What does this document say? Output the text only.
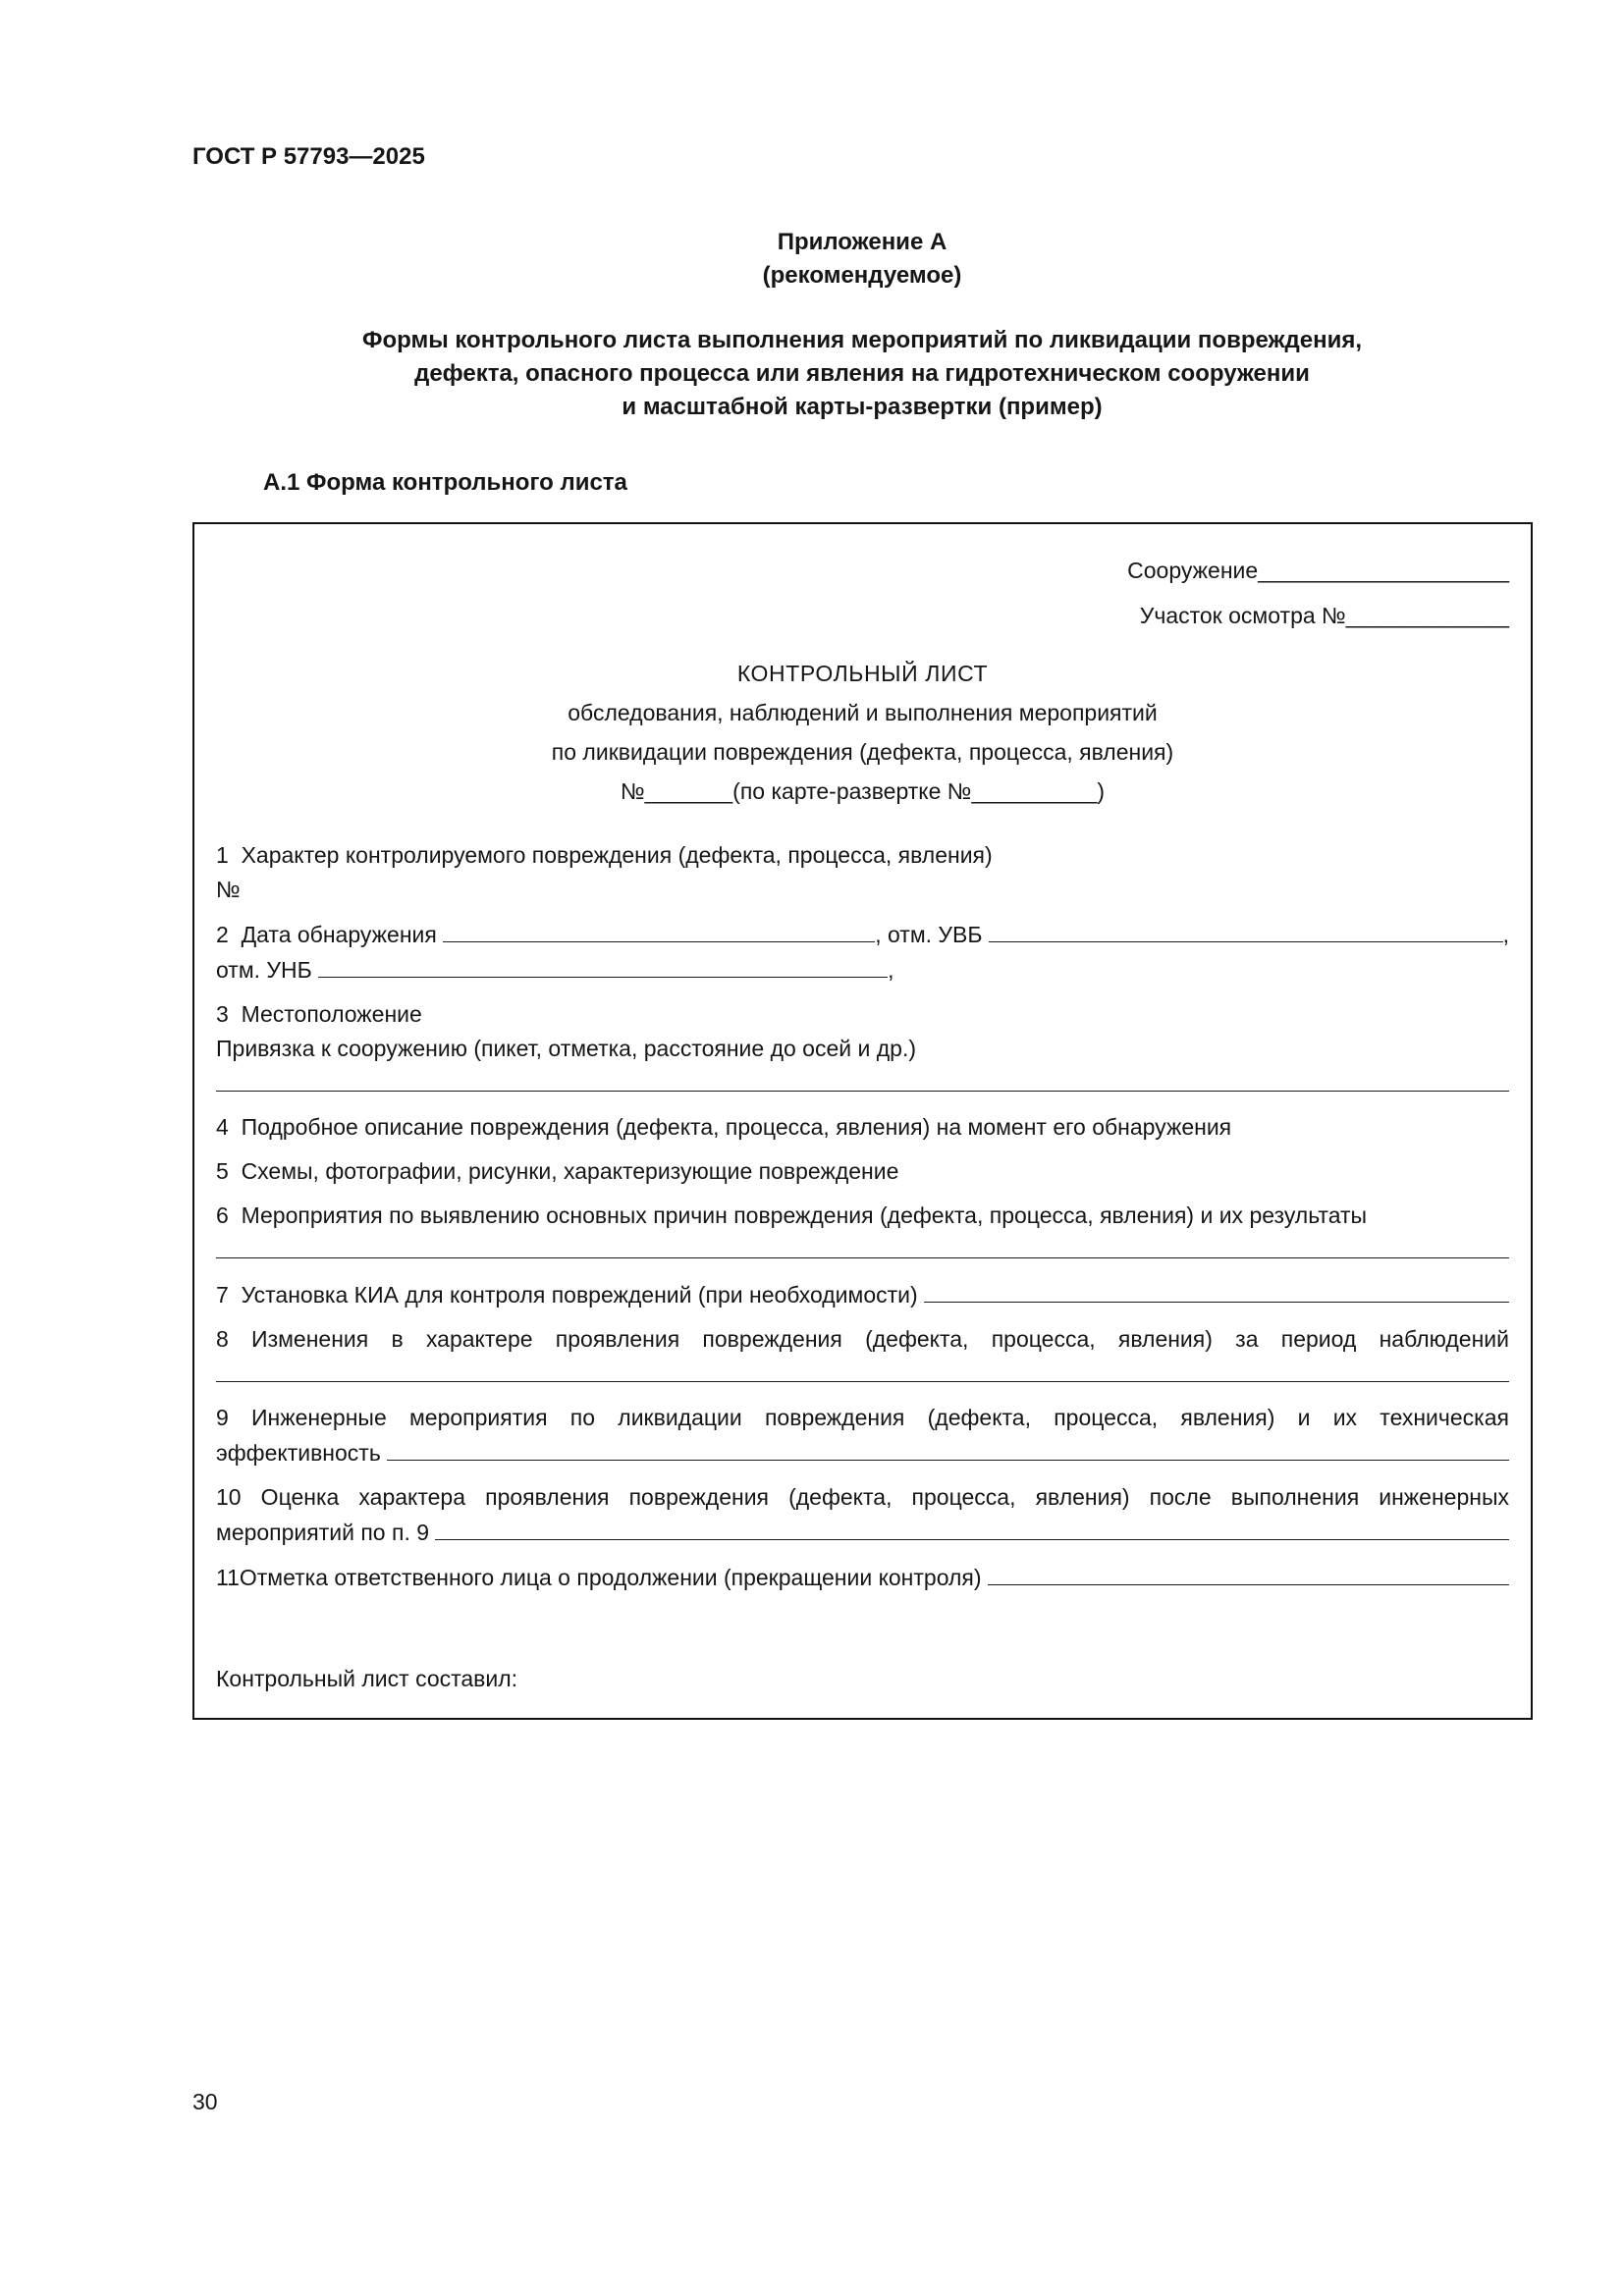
ГОСТ Р 57793—2025
Приложение А
(рекомендуемое)
Формы контрольного листа выполнения мероприятий по ликвидации повреждения,
дефекта, опасного процесса или явления на гидротехническом сооружении
и масштабной карты-развертки (пример)
А.1 Форма контрольного листа
Сооружение____________________
Участок осмотра №_____________
КОНТРОЛЬНЫЙ ЛИСТ
обследования, наблюдений и выполнения мероприятий
по ликвидации повреждения (дефекта, процесса, явления)
№_______(по карте-развертке №__________)
1  Характер контролируемого повреждения (дефекта, процесса, явления)
№
2  Дата обнаружения	, отм. УВБ	,
отм. УНБ	,
3  Местоположение
Привязка к сооружению (пикет, отметка, расстояние до осей и др.)
4  Подробное описание повреждения (дефекта, процесса, явления) на момент его обнаружения
5  Схемы, фотографии, рисунки, характеризующие повреждение
6  Мероприятия по выявлению основных причин повреждения (дефекта, процесса, явления) и их результаты
7  Установка КИА для контроля повреждений (при необходимости)
8 Изменения в характере проявления повреждения (дефекта, процесса, явления) за период наблюдений
9 Инженерные мероприятия по ликвидации повреждения (дефекта, процесса, явления) и их техническая
эффективность
10 Оценка характера проявления повреждения (дефекта, процесса, явления) после выполнения инженерных
мероприятий по п. 9
11Отметка ответственного лица о продолжении (прекращении контроля)
Контрольный лист составил:
30
